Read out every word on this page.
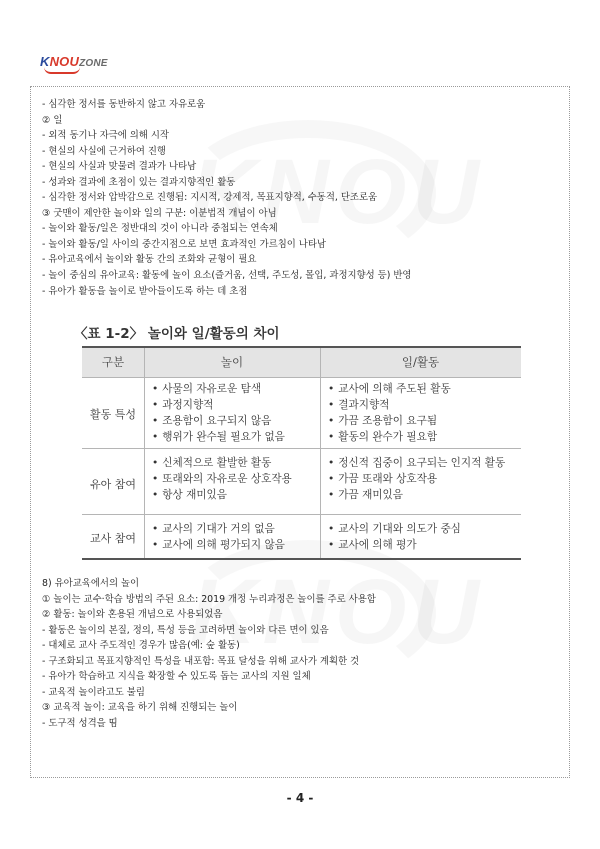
KNOUZONE
- 심각한 정서를 동반하지 않고 자유로움
② 일
- 외적 동기나 자극에 의해 시작
- 현실의 사실에 근거하여 진행
- 현실의 사실과 맞물려 결과가 나타남
- 성과와 결과에 초점이 있는 결과지향적인 활동
- 심각한 정서와 압박감으로 진행됨: 지시적, 강제적, 목표지향적, 수동적, 단조로움
③ 굿맨이 제안한 놀이와 일의 구분: 이분법적 개념이 아님
- 놀이와 활동/일은 정반대의 것이 아니라 중첩되는 연속체
- 놀이와 활동/일 사이의 중간지점으로 보면 효과적인 가르침이 나타남
- 유아교육에서 놀이와 활동 간의 조화와 균형이 필요
- 놀이 중심의 유아교육: 활동에 놀이 요소(즐거움, 선택, 주도성, 몰입, 과정지향성 등) 반영
- 유아가 활동을 놀이로 받아들이도록 하는 데 초점
〈표 1-2〉 놀이와 일/활동의 차이
구분	놀이	일/활동
활동 특성
• 사물의 자유로운 탐색
• 과정지향적
• 조용함이 요구되지 않음
• 행위가 완수될 필요가 없음
• 교사에 의해 주도된 활동
• 결과지향적
• 가끔 조용함이 요구됨
• 활동의 완수가 필요함
유아 참여
• 신체적으로 활발한 활동
• 또래와의 자유로운 상호작용
• 항상 재미있음
• 정신적 집중이 요구되는 인지적 활동
• 가끔 또래와 상호작용
• 가끔 재미있음
교사 참여
• 교사의 기대가 거의 없음
• 교사에 의해 평가되지 않음
• 교사의 기대와 의도가 중심
• 교사에 의해 평가
8) 유아교육에서의 놀이
① 놀이는 교수·학습 방법의 주된 요소: 2019 개정 누리과정은 놀이를 주로 사용함
② 활동: 놀이와 혼용된 개념으로 사용되었음
- 활동은 놀이의 본질, 정의, 특성 등을 고려하면 놀이와 다른 면이 있음
- 대체로 교사 주도적인 경우가 많음(예: 숲 활동)
- 구조화되고 목표지향적인 특성을 내포함: 목표 달성을 위해 교사가 계획한 것
- 유아가 학습하고 지식을 확장할 수 있도록 돕는 교사의 지원 일체
- 교육적 놀이라고도 불림
③ 교육적 놀이: 교육을 하기 위해 진행되는 놀이
- 도구적 성격을 띰
- 4 -
